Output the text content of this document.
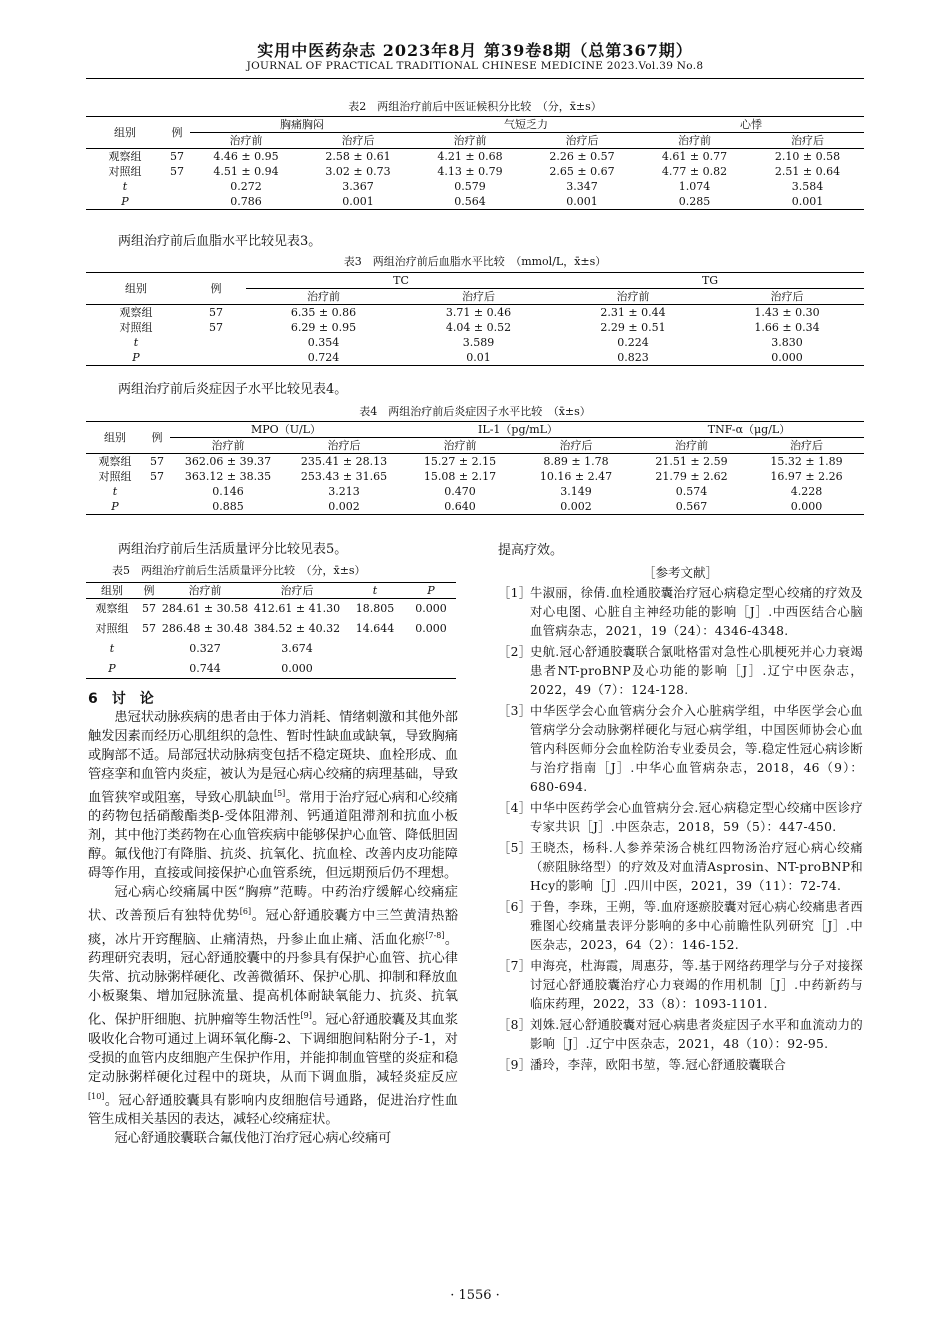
实用中医药杂志 2023年8月 第39卷8期（总第367期）
JOURNAL OF PRACTICAL TRADITIONAL CHINESE MEDICINE 2023.Vol.39 No.8
表2　两组治疗前后中医证候积分比较　（分，x̄±s）
组别	例	胸痛胸闷		气短乏力		心悸	
		治疗前	治疗后	治疗前	治疗后	治疗前	治疗后
观察组	57	4.46 ± 0.95	2.58 ± 0.61	4.21 ± 0.68	2.26 ± 0.57	4.61 ± 0.77	2.10 ± 0.58
对照组	57	4.51 ± 0.94	3.02 ± 0.73	4.13 ± 0.79	2.65 ± 0.67	4.77 ± 0.82	2.51 ± 0.64
t		0.272	3.367	0.579	3.347	1.074	3.584
P		0.786	0.001	0.564	0.001	0.285	0.001
两组治疗前后血脂水平比较见表3。
表3　两组治疗前后血脂水平比较　（mmol/L，x̄±s）
组别	例	TC		TG	
		治疗前	治疗后	治疗前	治疗后
观察组	57	6.35 ± 0.86	3.71 ± 0.46	2.31 ± 0.44	1.43 ± 0.30
对照组	57	6.29 ± 0.95	4.04 ± 0.52	2.29 ± 0.51	1.66 ± 0.34
t		0.354	3.589	0.224	3.830
P		0.724	0.01	0.823	0.000
两组治疗前后炎症因子水平比较见表4。
表4　两组治疗前后炎症因子水平比较　（x̄±s）
组别	例	MPO（U/L）		IL-1（pg/mL）		TNF-α（μg/L）	
		治疗前	治疗后	治疗前	治疗后	治疗前	治疗后
观察组	57	362.06 ± 39.37	235.41 ± 28.13	15.27 ± 2.15	8.89 ± 1.78	21.51 ± 2.59	15.32 ± 1.89
对照组	57	363.12 ± 38.35	253.43 ± 31.65	15.08 ± 2.17	10.16 ± 2.47	21.79 ± 2.62	16.97 ± 2.26
t		0.146	3.213	0.470	3.149	0.574	4.228
P		0.885	0.002	0.640	0.002	0.567	0.000
两组治疗前后生活质量评分比较见表5。
表5　两组治疗前后生活质量评分比较　（分，x̄±s）
组别	例	治疗前	治疗后	t	P
观察组	57	284.61 ± 30.58	412.61 ± 41.30	18.805	0.000
对照组	57	286.48 ± 30.48	384.52 ± 40.32	14.644	0.000
t		0.327	3.674		
P		0.744	0.000		
6　讨　论

患冠状动脉疾病的患者由于体力消耗、情绪刺激和其他外部触发因素而经历心肌组织的急性、暂时性缺血或缺氧，导致胸痛或胸部不适。局部冠状动脉病变包括不稳定斑块、血栓形成、血管痉挛和血管内炎症，被认为是冠心病心绞痛的病理基础，导致血管狭窄或阻塞，导致心肌缺血[5]。常用于治疗冠心病和心绞痛的药物包括硝酸酯类β-受体阻滞剂、钙通道阻滞剂和抗血小板剂，其中他汀类药物在心血管疾病中能够保护心血管、降低胆固醇。氟伐他汀有降脂、抗炎、抗氧化、抗血栓、改善内皮功能障碍等作用，直接或间接保护心血管系统，但远期预后仍不理想。

冠心病心绞痛属中医“胸痹”范畴。中药治疗缓解心绞痛症状、改善预后有独特优势[6]。冠心舒通胶囊方中三竺黄清热豁痰，冰片开窍醒脑、止痛清热，丹参止血止痛、活血化瘀[7-8]。药理研究表明，冠心舒通胶囊中的丹参具有保护心血管、抗心律失常、抗动脉粥样硬化、改善微循环、保护心肌、抑制和释放血小板聚集、增加冠脉流量、提高机体耐缺氧能力、抗炎、抗氧化、保护肝细胞、抗肿瘤等生物活性[9]。冠心舒通胶囊及其血浆吸收化合物可通过上调环氧化酶-2、下调细胞间粘附分子-1，对受损的血管内皮细胞产生保护作用，并能抑制血管壁的炎症和稳定动脉粥样硬化过程中的斑块，从而下调血脂，减轻炎症反应[10]。冠心舒通胶囊具有影响内皮细胞信号通路，促进治疗性血管生成相关基因的表达，减轻心绞痛症状。

冠心舒通胶囊联合氟伐他汀治疗冠心病心绞痛可

提高疗效。
［参考文献］
［1］
牛淑丽，徐倩.血栓通胶囊治疗冠心病稳定型心绞痛的疗效及对心电图、心脏自主神经功能的影响［J］.中西医结合心脑血管病杂志，2021，19（24）：4346-4348.
［2］
史航.冠心舒通胶囊联合氯吡格雷对急性心肌梗死并心力衰竭患者NT-proBNP及心功能的影响［J］.辽宁中医杂志，2022，49（7）：124-128.
［3］
中华医学会心血管病分会介入心脏病学组，中华医学会心血管病学分会动脉粥样硬化与冠心病学组，中国医师协会心血管内科医师分会血栓防治专业委员会，等.稳定性冠心病诊断与治疗指南［J］.中华心血管病杂志，2018，46（9）：680-694.
［4］
中华中医药学会心血管病分会.冠心病稳定型心绞痛中医诊疗专家共识［J］.中医杂志，2018，59（5）：447-450.
［5］
王晓杰，杨科.人参养荣汤合桃红四物汤治疗冠心病心绞痛（瘀阻脉络型）的疗效及对血清Asprosin、NT-proBNP和Hcy的影响［J］.四川中医，2021，39（11）：72-74.
［6］
于鲁，李珠，王朔，等.血府逐瘀胶囊对冠心病心绞痛患者西雅图心绞痛量表评分影响的多中心前瞻性队列研究［J］.中医杂志，2023，64（2）：146-152.
［7］
申海亮，杜海霞，周惠芬，等.基于网络药理学与分子对接探讨冠心舒通胶囊治疗心力衰竭的作用机制［J］.中药新药与临床药理，2022，33（8）：1093-1101.
［8］
刘姝.冠心舒通胶囊对冠心病患者炎症因子水平和血流动力的影响［J］.辽宁中医杂志，2021，48（10）：92-95.
［9］
潘玲，李萍，欧阳书堃，等.冠心舒通胶囊联合
· 1556 ·
